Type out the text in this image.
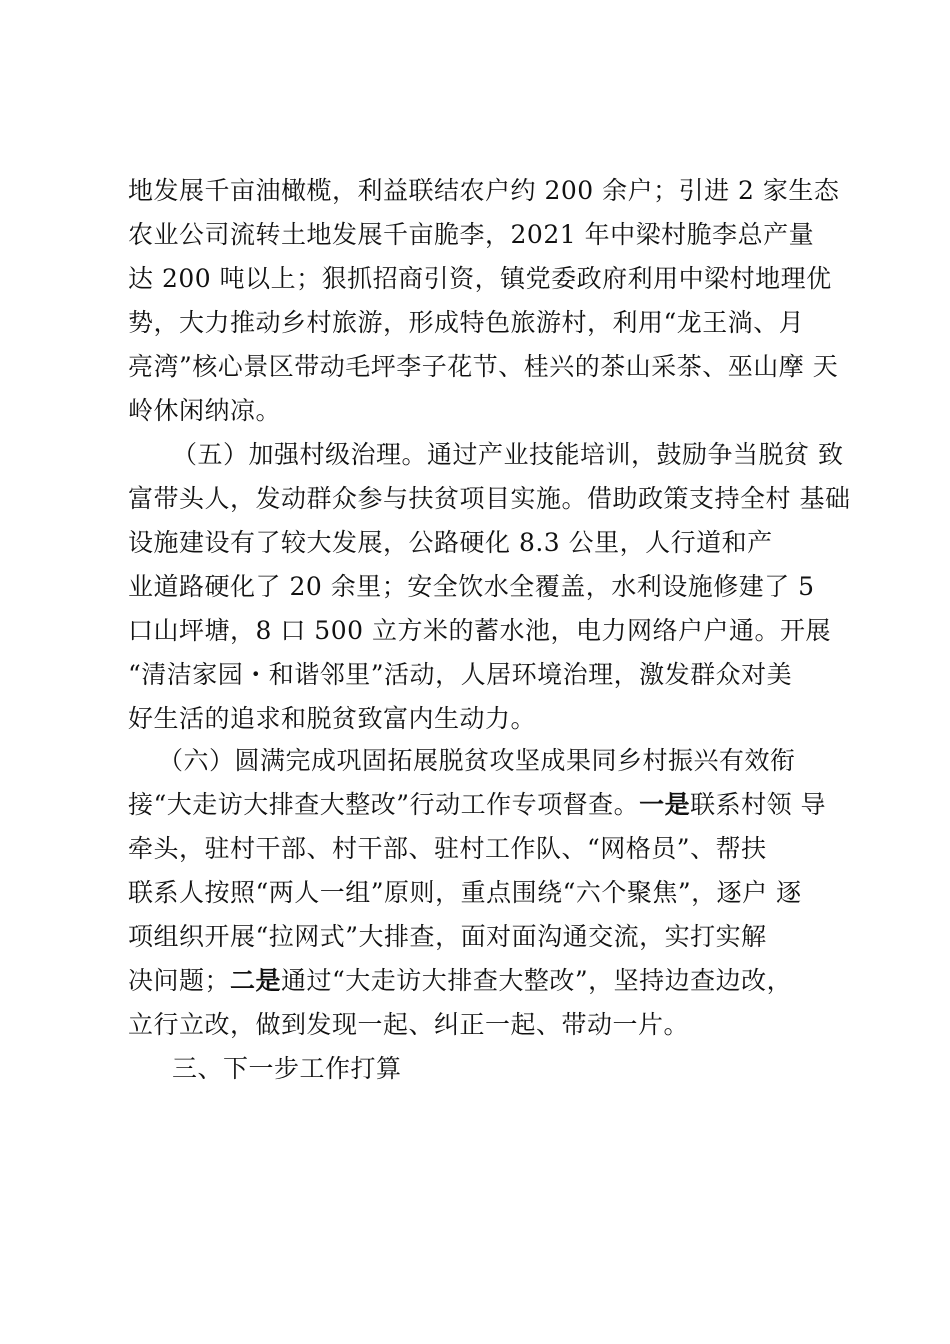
地发展千亩油橄榄，利益联结农户约 200 余户；引进 2 家生态
农业公司流转土地发展千亩脆李，2021 年中梁村脆李总产量
达 200 吨以上；狠抓招商引资，镇党委政府利用中梁村地理优
势，大力推动乡村旅游，形成特色旅游村，利用“龙王淌、月
亮湾”核心景区带动毛坪李子花节、桂兴的茶山采茶、巫山摩 天
岭休闲纳凉。
（五）加强村级治理。通过产业技能培训，鼓励争当脱贫 致
富带头人，发动群众参与扶贫项目实施。借助政策支持全村 基础
设施建设有了较大发展，公路硬化 8.3 公里，人行道和产
业道路硬化了 20 余里；安全饮水全覆盖，水利设施修建了 5
口山坪塘，8 口 500 立方米的蓄水池，电力网络户户通。开展
“清洁家园・和谐邻里”活动，人居环境治理，激发群众对美
好生活的追求和脱贫致富内生动力。
（六）圆满完成巩固拓展脱贫攻坚成果同乡村振兴有效衔
接“大走访大排查大整改”行动工作专项督查。一是联系村领 导
牵头，驻村干部、村干部、驻村工作队、“网格员”、帮扶
联系人按照“两人一组”原则，重点围绕“六个聚焦”，逐户 逐
项组织开展“拉网式”大排查，面对面沟通交流，实打实解
决问题；二是通过“大走访大排查大整改”，坚持边查边改，
立行立改，做到发现一起、纠正一起、带动一片。
三、下一步工作打算
